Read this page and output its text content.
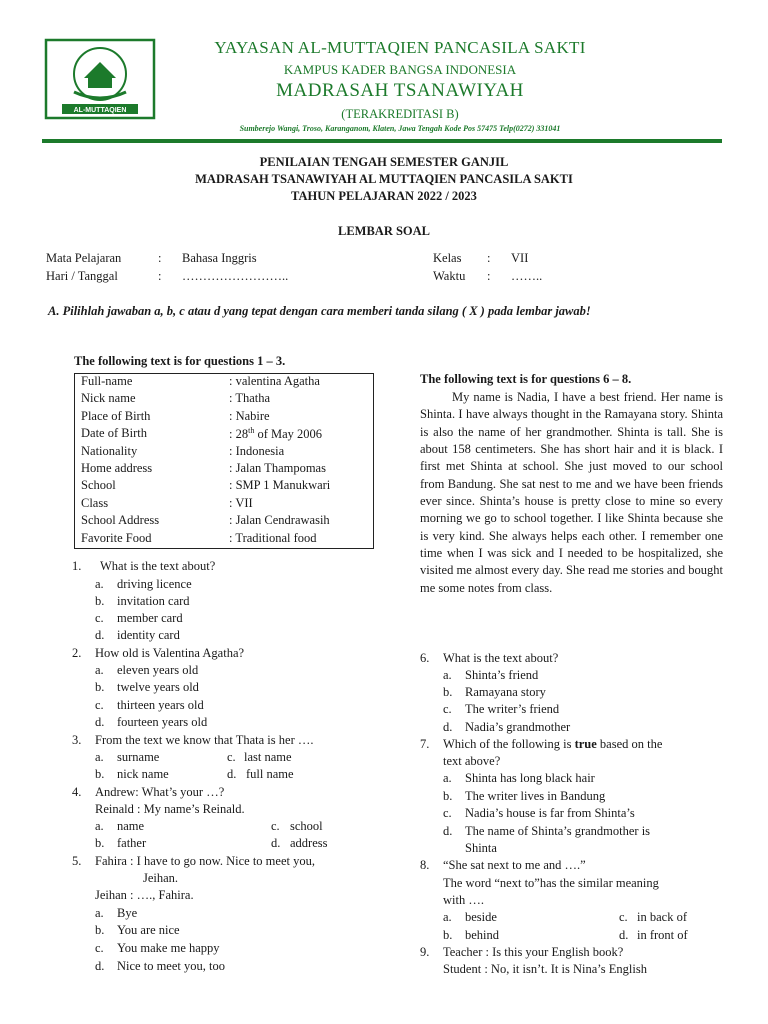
AL-MUTTAQIEN
YAYASAN AL-MUTTAQIEN PANCASILA SAKTI
KAMPUS KADER BANGSA INDONESIA
MADRASAH TSANAWIYAH
(TERAKREDITASI B)
Sumberejo Wangi, Troso, Karanganom, Klaten, Jawa Tengah Kode Pos 57475 Telp(0272) 331041
PENILAIAN TENGAH SEMESTER GANJIL
MADRASAH TSANAWIYAH AL MUTTAQIEN PANCASILA SAKTI
TAHUN PELAJARAN 2022 / 2023
LEMBAR SOAL
Mata Pelajaran	: Bahasa Inggris
Hari / Tanggal	: ……………………..
Kelas : VII
Waktu : ……..
A. Pilihlah jawaban a, b, c atau d yang tepat dengan cara memberi tanda silang ( X ) pada lembar jawab!
The following text is for questions 1 – 3.
Full-name	: valentina Agatha
Nick name	: Thatha
Place of Birth	: Nabire
Date of Birth	: 28th of May 2006
Nationality	: Indonesia
Home address	: Jalan Thampomas
School	: SMP 1 Manukwari
Class	: VII
School Address	: Jalan Cendrawasih
Favorite Food	: Traditional food
1. What is the text about?
a. driving licence
b. invitation card
c. member card
d. identity card
2. How old is Valentina Agatha?
a. eleven years old
b. twelve years old
c. thirteen years old
d. fourteen years old
3. From the text we know that Thata is her ….
a. surname	c. last name
b. nick name	d. full name
4. Andrew: What’s your …?
Reinald : My name’s Reinald.
a. name	c. school
b. father	d. address
5. Fahira : I have to go now. Nice to meet you,
Jeihan.
Jeihan : …., Fahira.
a. Bye
b. You are nice
c. You make me happy
d. Nice to meet you, too
The following text is for questions 6 – 8.
My name is Nadia, I have a best friend. Her name is Shinta. I have always thought in the Ramayana story. Shinta is also the name of her grandmother. Shinta is tall. She is about 158 centimeters. She has short hair and it is black. I first met Shinta at school. She just moved to our school from Bandung. She sat nest to me and we have been friends ever since. Shinta’s house is pretty close to mine so every morning we go to school together. I like Shinta because she is very kind. She always helps each other. I remember one time when I was sick and I needed to be hospitalized, she visited me almost every day. She read me stories and bought me some notes from class.
6. What is the text about?
a. Shinta’s friend
b. Ramayana story
c. The writer’s friend
d. Nadia’s grandmother
7. Which of the following is true based on the
text above?
a. Shinta has long black hair
b. The writer lives in Bandung
c. Nadia’s house is far from Shinta’s
d. The name of Shinta’s grandmother is
Shinta
8. “She sat next to me and ….”
The word “next to”has the similar meaning
with ….
a. beside	c. in back of
b. behind	d. in front of
9. Teacher : Is this your English book?
Student : No, it isn’t. It is Nina’s English
